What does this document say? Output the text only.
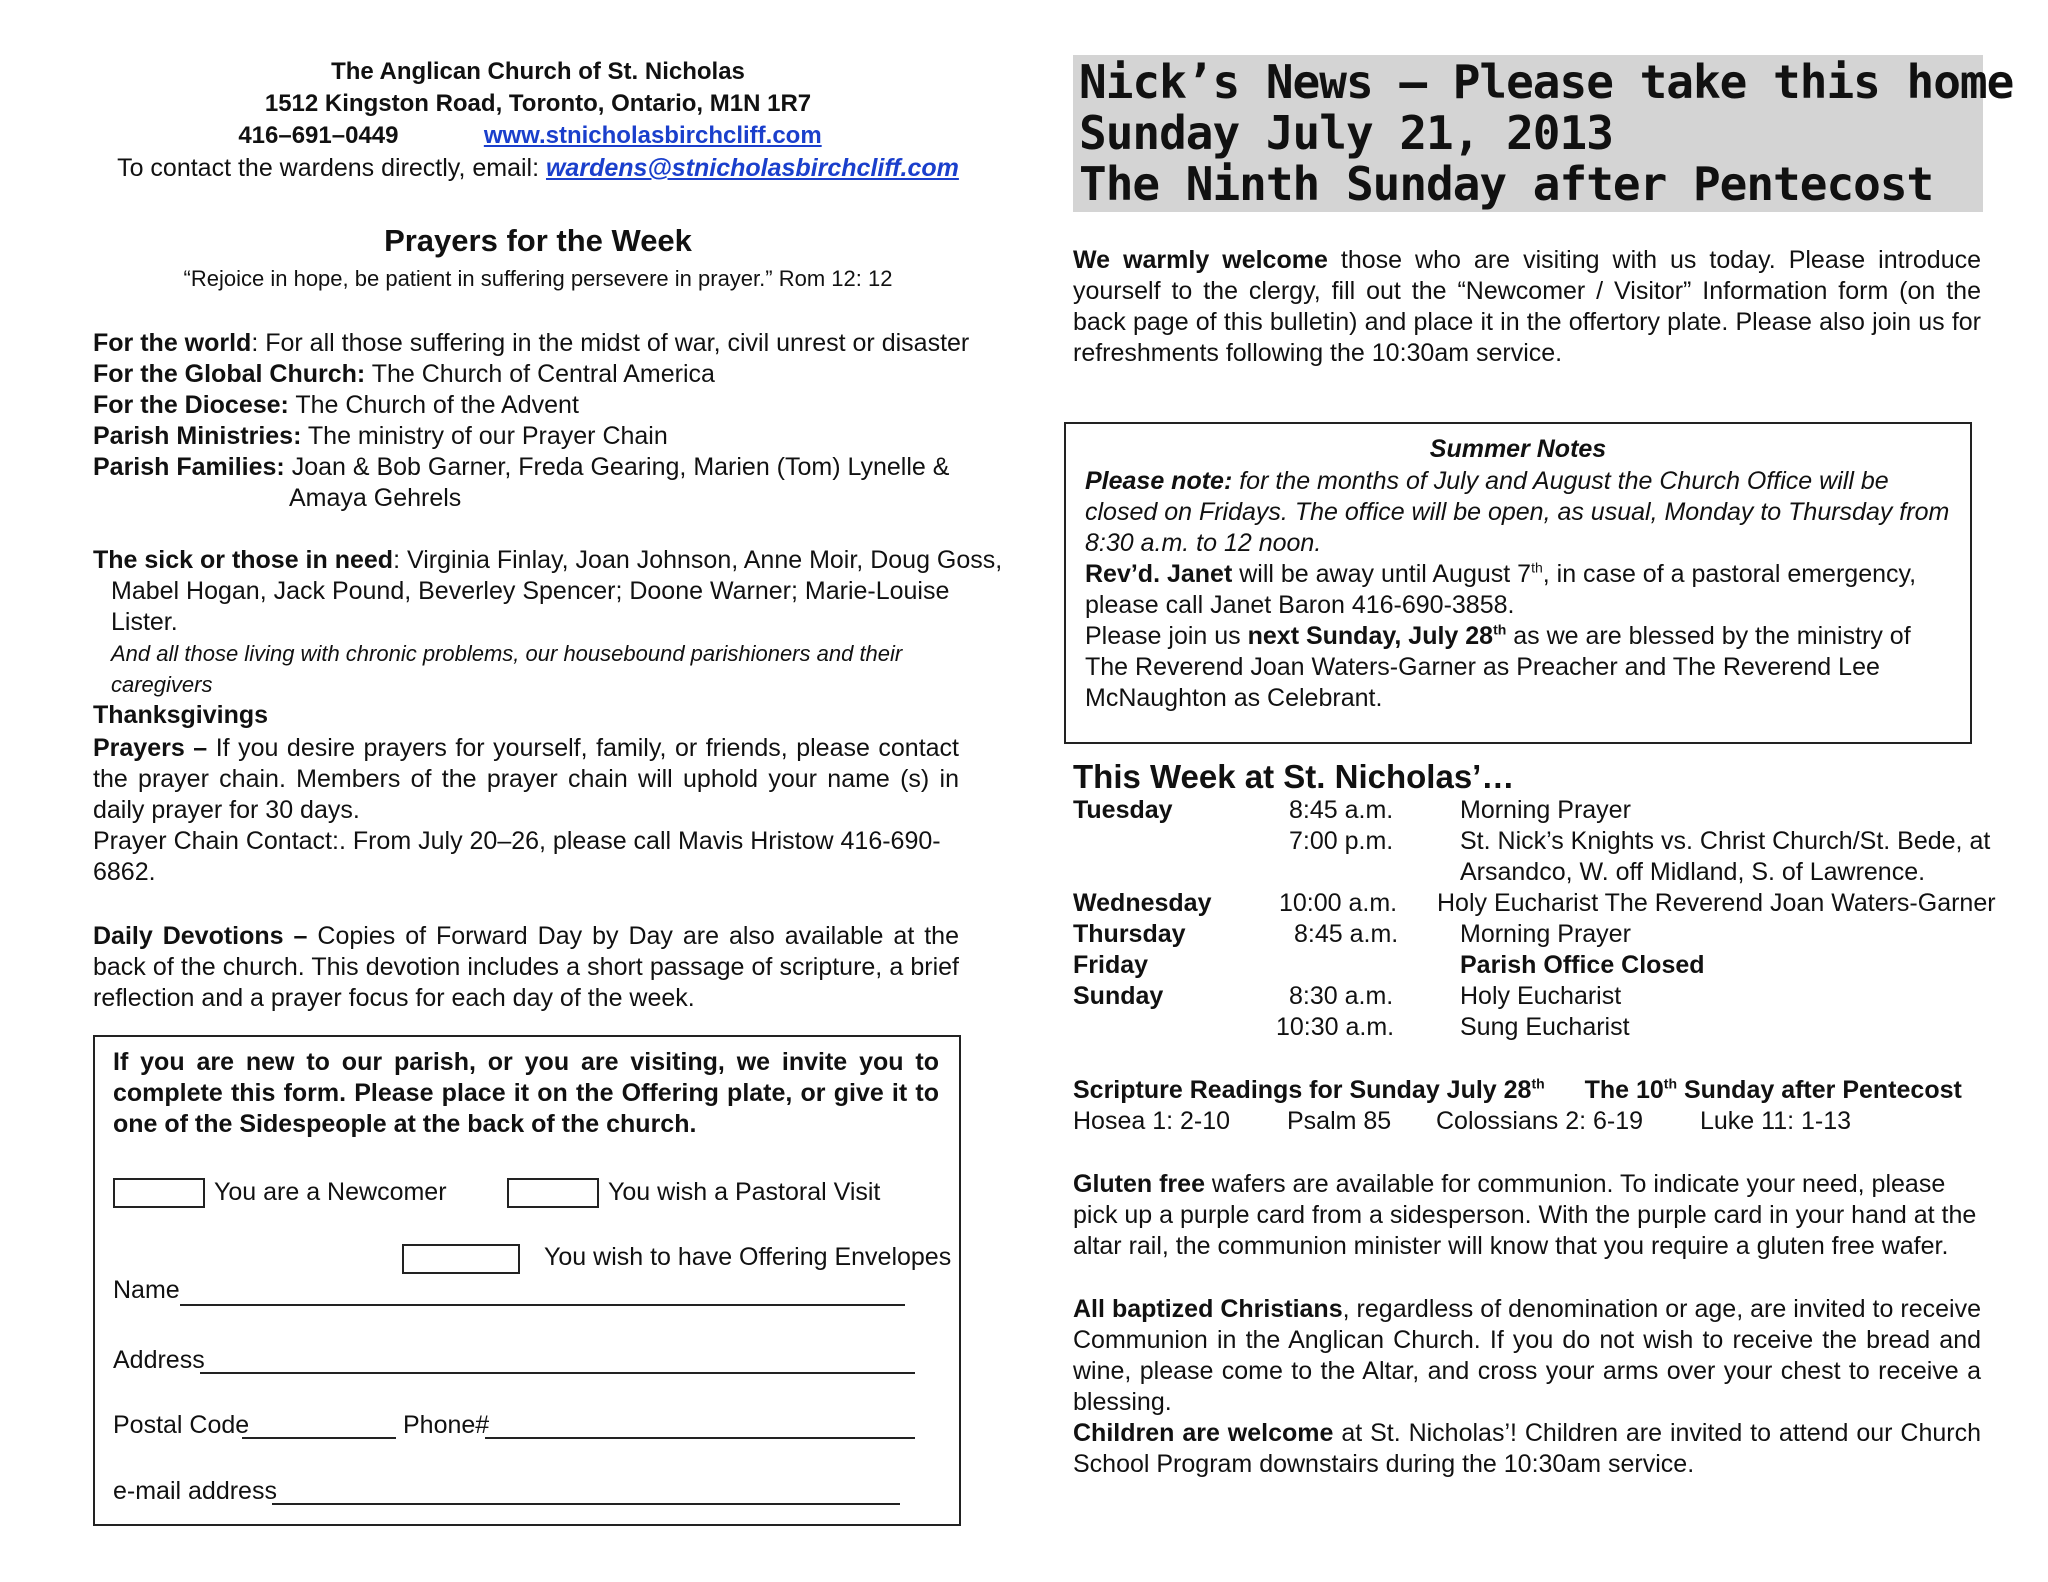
The Anglican Church of St. Nicholas
1512 Kingston Road, Toronto, Ontario, M1N 1R7
416–691–0449	www.stnicholasbirchcliff.com
To contact the wardens directly, email: wardens@stnicholasbirchcliff.com
Prayers for the Week
“Rejoice in hope, be patient in suffering persevere in prayer.” Rom 12: 12
For the world: For all those suffering in the midst of war, civil unrest or disaster
For the Global Church: The Church of Central America
For the Diocese: The Church of the Advent
Parish Ministries: The ministry of our Prayer Chain
Parish Families: Joan & Bob Garner, Freda Gearing, Marien (Tom) Lynelle &
Amaya Gehrels
The sick or those in need: Virginia Finlay, Joan Johnson, Anne Moir, Doug Goss,
Mabel Hogan, Jack Pound, Beverley Spencer; Doone Warner; Marie-Louise
Lister.
And all those living with chronic problems, our housebound parishioners and their caregivers
Thanksgivings
Prayers – If you desire prayers for yourself, family, or friends, please contact the prayer chain. Members of the prayer chain will uphold your name (s) in daily prayer for 30 days.
Prayer Chain Contact:. From July 20–26, please call Mavis Hristow 416-690-6862.
Daily Devotions – Copies of Forward Day by Day are also available at the back of the church. This devotion includes a short passage of scripture, a brief reflection and a prayer focus for each day of the week.
If you are new to our parish, or you are visiting, we invite you to complete this form. Please place it on the Offering plate, or give it to one of the Sidespeople at the back of the church.
You are a Newcomer	You wish a Pastoral Visit
You wish to have Offering Envelopes
Name
Address
Postal Code	Phone#
e-mail address
Nick’s News – Please take this home
Sunday July 21, 2013
The Ninth Sunday after Pentecost
We warmly welcome those who are visiting with us today. Please introduce yourself to the clergy, fill out the “Newcomer / Visitor” Information form (on the back page of this bulletin) and place it in the offertory plate. Please also join us for refreshments following the 10:30am service.
Summer Notes
Please note: for the months of July and August the Church Office will be closed on Fridays. The office will be open, as usual, Monday to Thursday from 8:30 a.m. to 12 noon.
Rev’d. Janet will be away until August 7th, in case of a pastoral emergency, please call Janet Baron 416-690-3858.
Please join us next Sunday, July 28th as we are blessed by the ministry of The Reverend Joan Waters-Garner as Preacher and The Reverend Lee McNaughton as Celebrant.
This Week at St. Nicholas’…
Tuesday	8:45 a.m.	Morning Prayer
7:00 p.m.	St. Nick’s Knights vs. Christ Church/St. Bede, at
Arsandco, W. off Midland, S. of Lawrence.
Wednesday	10:00 a.m. Holy Eucharist The Reverend Joan Waters-Garner
Thursday	8:45 a.m. Morning Prayer
Friday	Parish Office Closed
Sunday	8:30 a.m.	Holy Eucharist
10:30 a.m.	Sung Eucharist
Scripture Readings for Sunday July 28th The 10th Sunday after Pentecost
Hosea 1: 2-10 Psalm 85 Colossians 2: 6-19 Luke 11: 1-13
Gluten free wafers are available for communion. To indicate your need, please pick up a purple card from a sidesperson. With the purple card in your hand at the altar rail, the communion minister will know that you require a gluten free wafer.
All baptized Christians, regardless of denomination or age, are invited to receive Communion in the Anglican Church. If you do not wish to receive the bread and wine, please come to the Altar, and cross your arms over your chest to receive a blessing.
Children are welcome at St. Nicholas’! Children are invited to attend our Church School Program downstairs during the 10:30am service.
